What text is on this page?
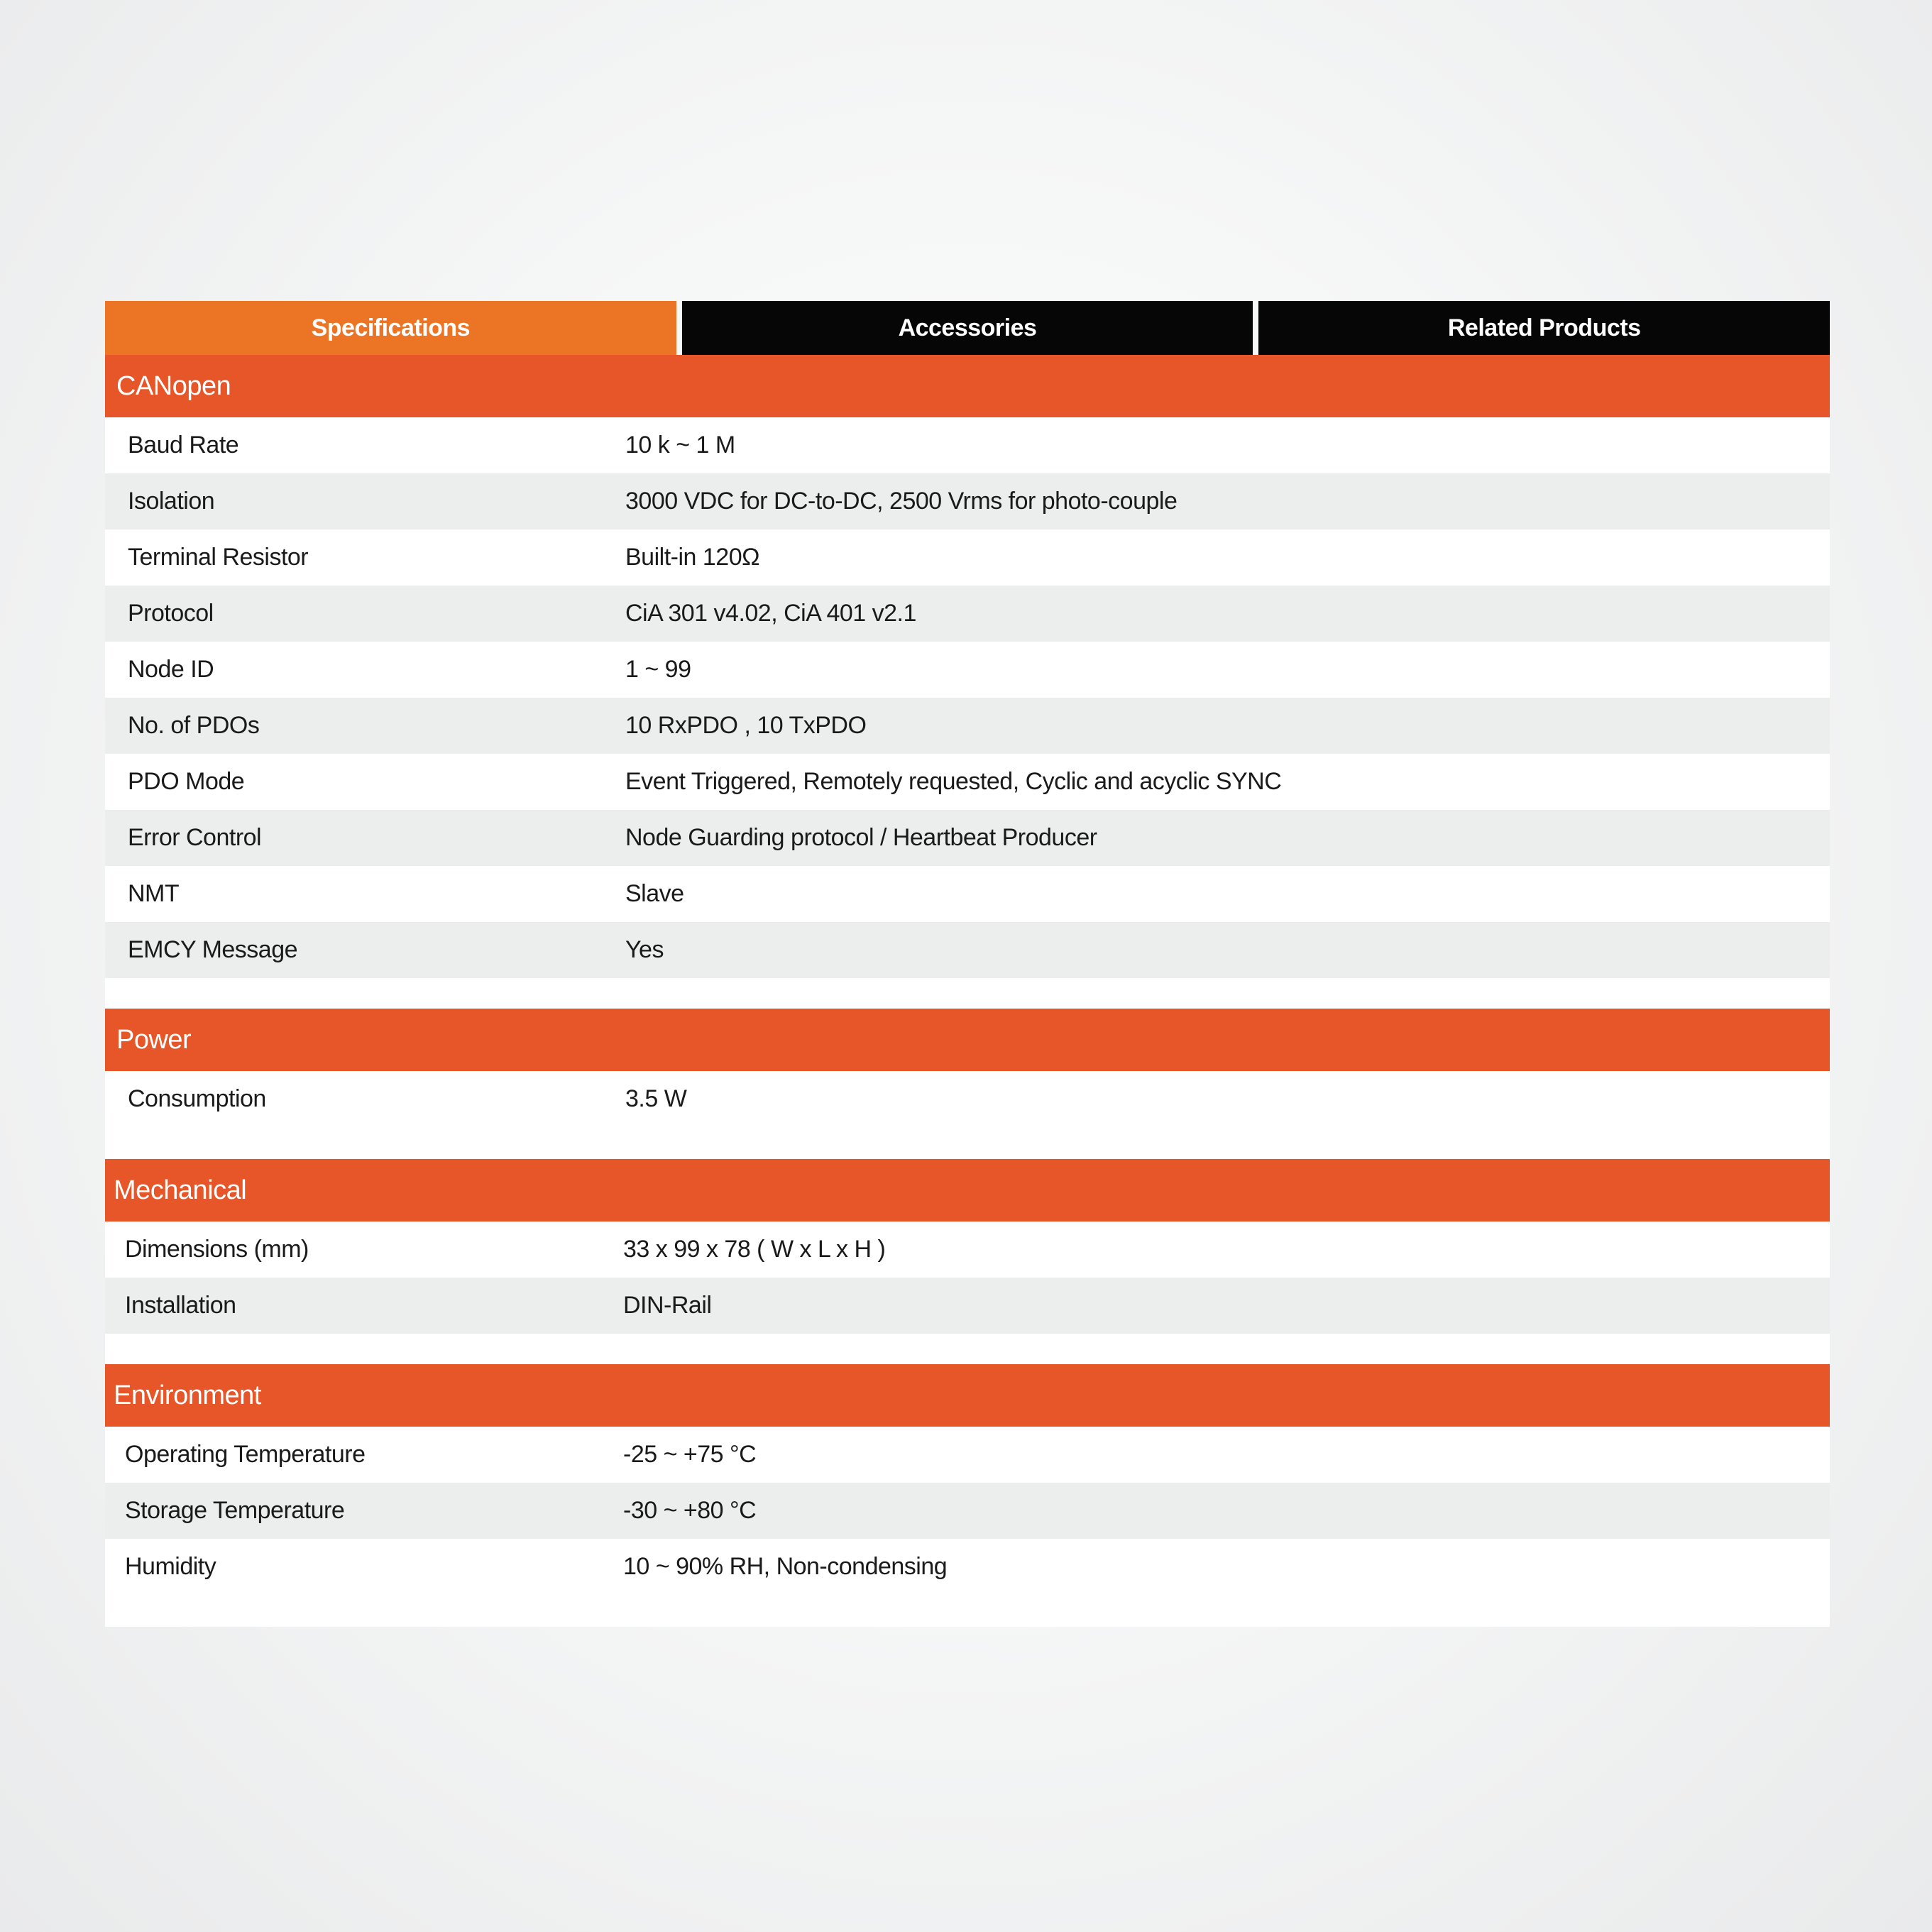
Specifications	Accessories	Related Products
CANopen
Baud Rate	10 k ~ 1 M
Isolation	3000 VDC for DC-to-DC, 2500 Vrms for photo-couple
Terminal Resistor	Built-in 120Ω
Protocol	CiA 301 v4.02, CiA 401 v2.1
Node ID	1 ~ 99
No. of PDOs	10 RxPDO , 10 TxPDO
PDO Mode	Event Triggered, Remotely requested, Cyclic and acyclic SYNC
Error Control	Node Guarding protocol / Heartbeat Producer
NMT	Slave
EMCY Message	Yes
Power
Consumption	3.5 W
Mechanical
Dimensions (mm)	33 x 99 x 78 ( W x L x H )
Installation	DIN-Rail
Environment
Operating Temperature	-25 ~ +75 °C
Storage Temperature	-30 ~ +80 °C
Humidity	10 ~ 90% RH, Non-condensing
